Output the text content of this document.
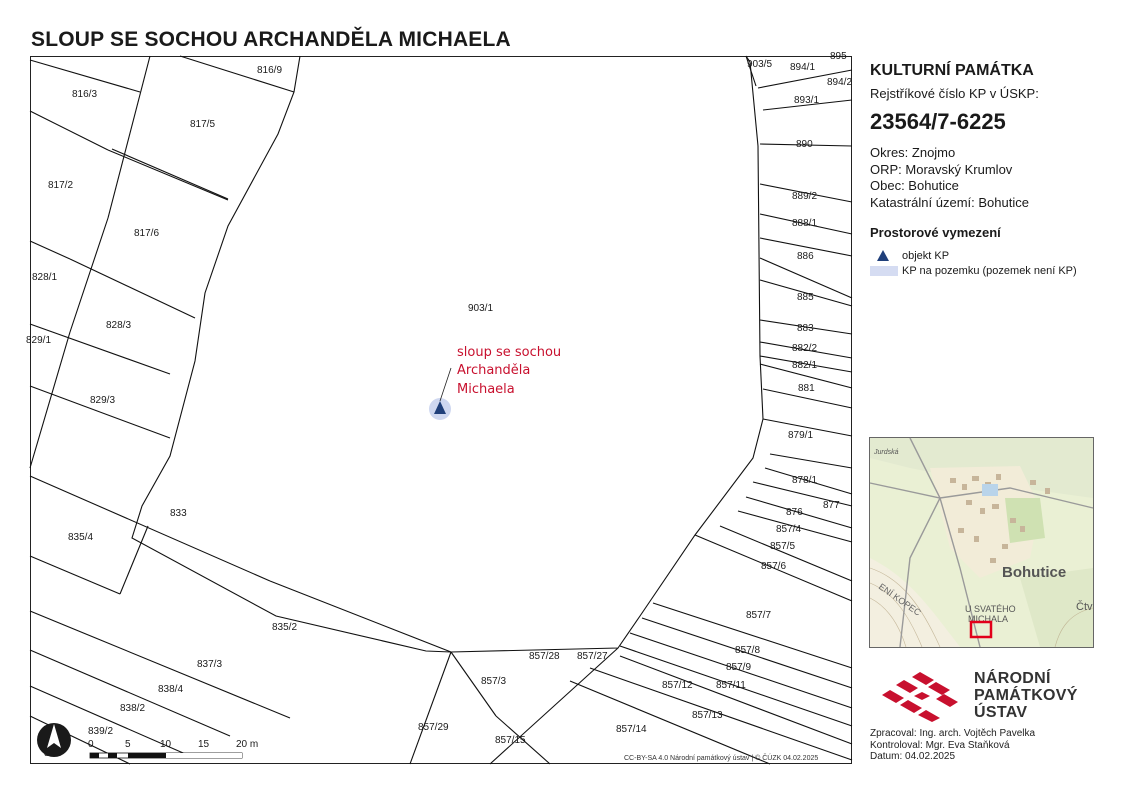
SLOUP SE SOCHOU ARCHANDĚLA MICHAELA
816/9
816/3
817/5
817/2
817/6
828/1
828/3
829/1
829/3
833
835/4
835/2
837/3
838/4
838/2
839/2
903/1
903/5 894/1
894/2
895
893/1
890
889/2
888/1
886
885
883
882/2
882/1
881
879/1
878/1
877
876
857/4
857/5
857/6
857/7
857/8
857/9
857/12 857/11
857/13
857/14
857/15
857/29
857/3
857/28 857/27
sloup se sochou
Archanděla
Michaela
0	5	10	15	20 m
CC-BY-SA 4.0 Národní památkový ústav | © ČÚZK 04.02.2025
KULTURNÍ PAMÁTKA
Rejstříkové číslo KP v ÚSKP:
23564/7-6225
Okres: Znojmo
ORP: Moravský Krumlov
Obec: Bohutice
Katastrální území: Bohutice
Prostorové vymezení
objekt KP
KP na pozemku (pozemek není KP)
Jurdská
Bohutice
U SVATÉHO
MICHALA
ENÍ KOPEC	Čtv
NÁRODNÍ
PAMÁTKOVÝ
ÚSTAV
Zpracoval: Ing. arch. Vojtěch Pavelka
Kontroloval: Mgr. Eva Staňková
Datum: 04.02.2025
